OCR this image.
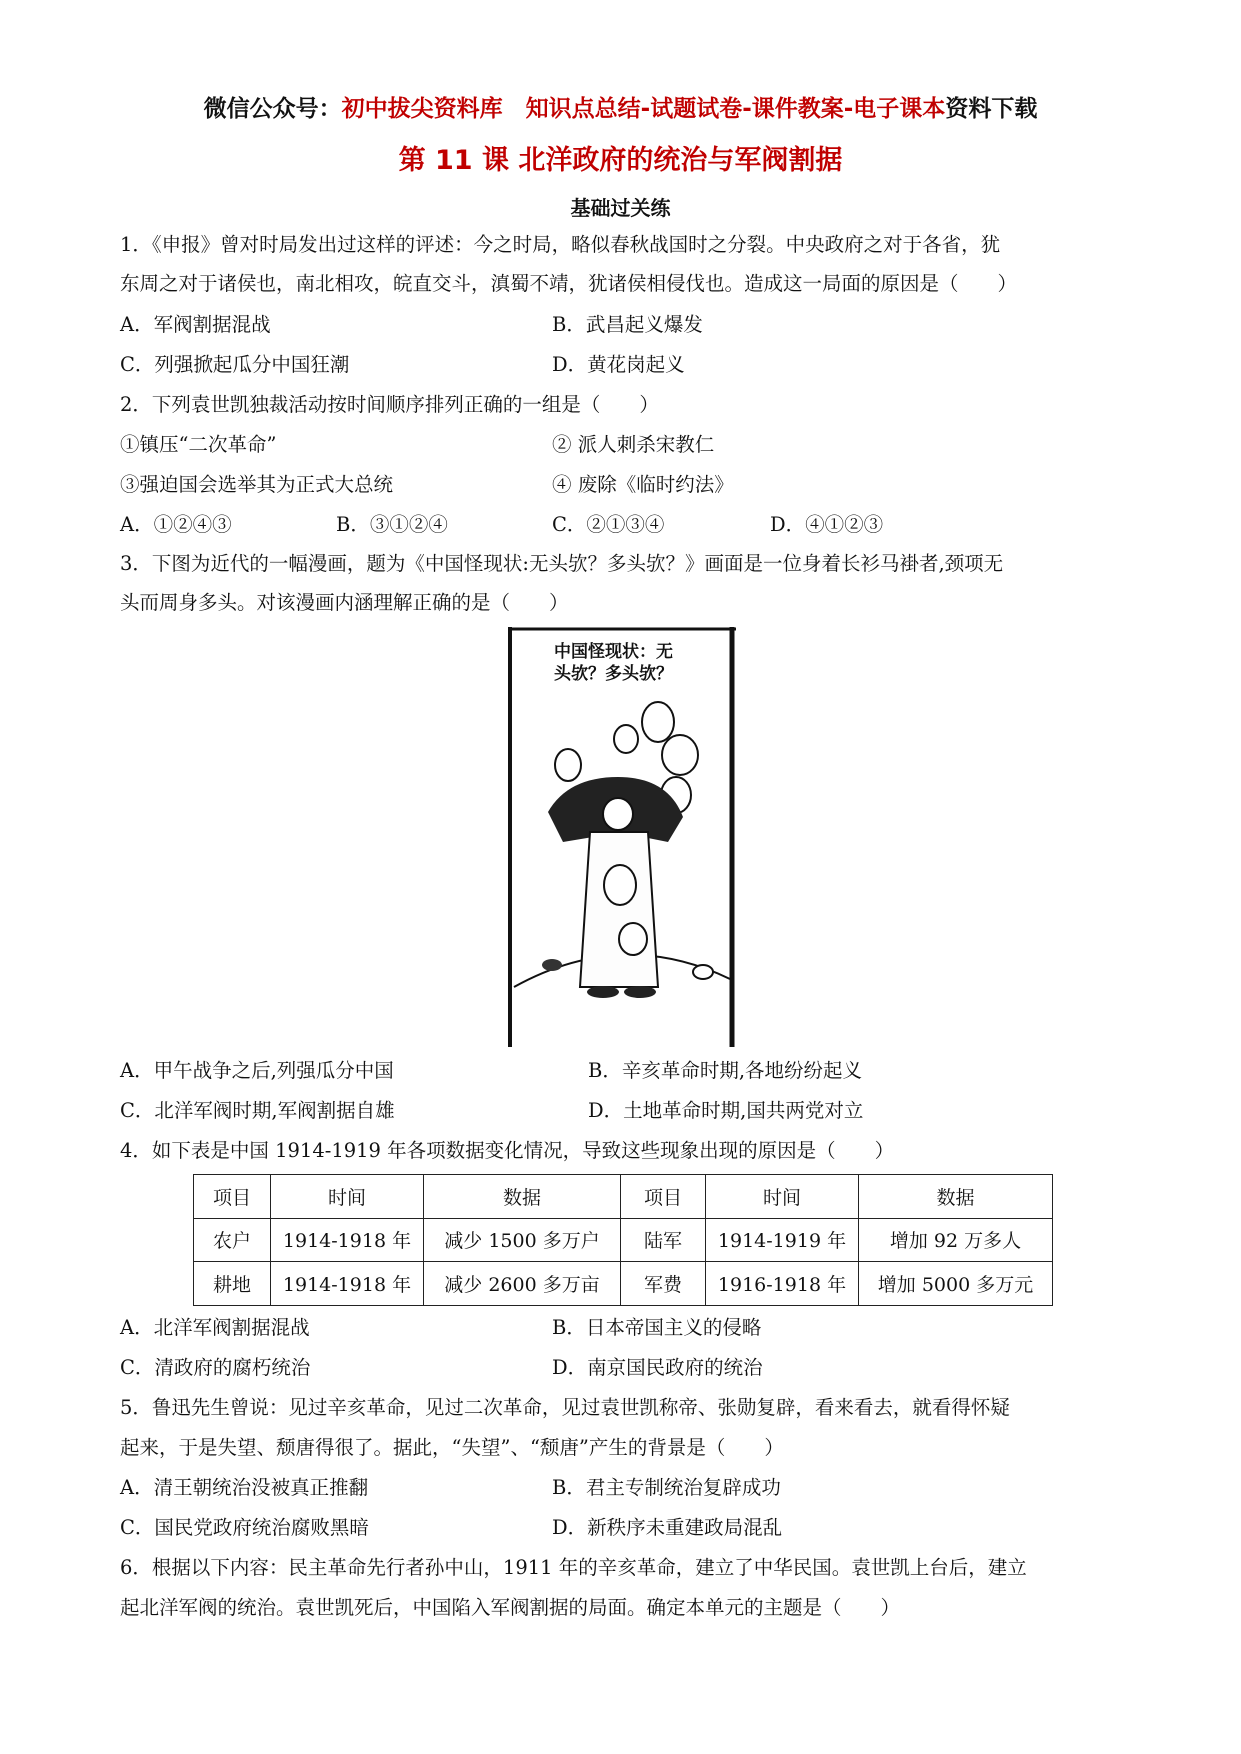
微信公众号：初中拔尖资料库　知识点总结-试题试卷-课件教案-电子课本资料下载
第 11 课 北洋政府的统治与军阀割据
基础过关练
1．《申报》曾对时局发出过这样的评述：今之时局，略似春秋战国时之分裂。中央政府之对于各省，犹
东周之对于诸侯也，南北相攻，皖直交斗，滇蜀不靖，犹诸侯相侵伐也。造成这一局面的原因是（　　）
A．军阀割据混战	B．武昌起义爆发
C．列强掀起瓜分中国狂潮	D．黄花岗起义
2．下列袁世凯独裁活动按时间顺序排列正确的一组是（　　）
①镇压“二次革命”	② 派人刺杀宋教仁
③强迫国会选举其为正式大总统	④ 废除《临时约法》
A．①②④③	B．③①②④	C．②①③④	D．④①②③
3．下图为近代的一幅漫画，题为《中国怪现状:无头欤？多头欤？》画面是一位身着长衫马褂者,颈项无
头而周身多头。对该漫画内涵理解正确的是（　　）
中国怪现状：无
头欤？多头欤？
A．甲午战争之后,列强瓜分中国	B．辛亥革命时期,各地纷纷起义
C．北洋军阀时期,军阀割据自雄	D．土地革命时期,国共两党对立
4．如下表是中国 1914-1919 年各项数据变化情况，导致这些现象出现的原因是（　　）
项目	时间	数据	项目	时间	数据
农户	1914-1918 年	减少 1500 多万户	陆军	1914-1919 年	增加 92 万多人
耕地	1914-1918 年	减少 2600 多万亩	军费	1916-1918 年	增加 5000 多万元
A．北洋军阀割据混战	B．日本帝国主义的侵略
C．清政府的腐朽统治	D．南京国民政府的统治
5．鲁迅先生曾说：见过辛亥革命，见过二次革命，见过袁世凯称帝、张勋复辟，看来看去，就看得怀疑
起来，于是失望、颓唐得很了。据此，“失望”、“颓唐”产生的背景是（　　）
A．清王朝统治没被真正推翻	B．君主专制统治复辟成功
C．国民党政府统治腐败黑暗	D．新秩序未重建政局混乱
6．根据以下内容：民主革命先行者孙中山，1911 年的辛亥革命，建立了中华民国。袁世凯上台后，建立
起北洋军阀的统治。袁世凯死后，中国陷入军阀割据的局面。确定本单元的主题是（　　）
